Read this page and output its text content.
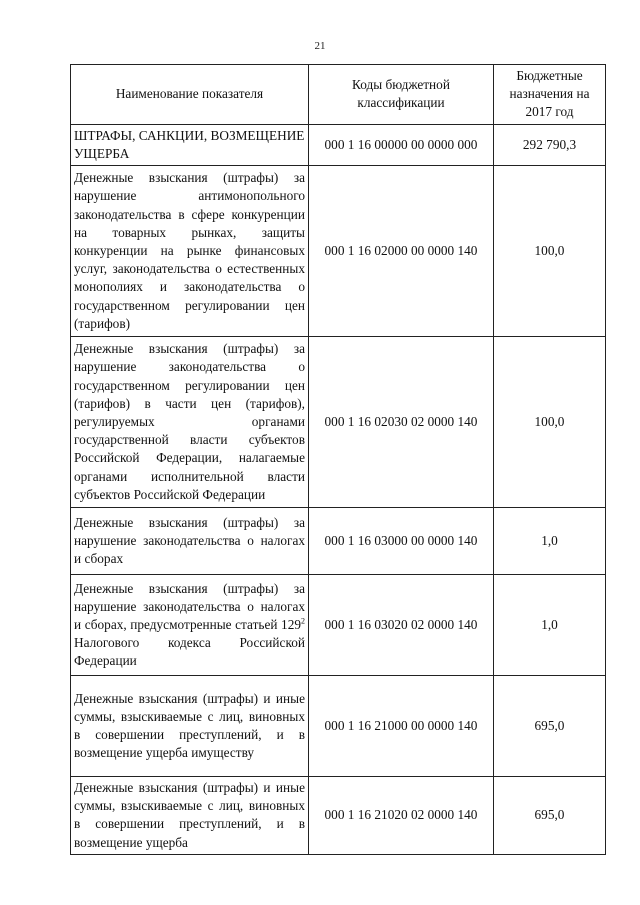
21
Наименование показателя	Коды бюджетной классификации	Бюджетные назначения на 2017 год
ШТРАФЫ, САНКЦИИ, ВОЗМЕЩЕНИЕ УЩЕРБА	000 1 16 00000 00 0000 000	292 790,3
Денежные взыскания (штрафы) за нарушение антимонопольного законодательства в сфере конкуренции на товарных рынках, защиты конкуренции на рынке финансовых услуг, законодательства о естественных монополиях и законодательства о государственном регулировании цен (тарифов)	000 1 16 02000 00 0000 140	100,0
Денежные взыскания (штрафы) за нарушение законодательства о государственном регулировании цен (тарифов) в части цен (тарифов), регулируемых органами государственной власти субъектов Российской Федерации, налагаемые органами исполнительной власти субъектов Российской Федерации	000 1 16 02030 02 0000 140	100,0
Денежные взыскания (штрафы) за нарушение законодательства о налогах и сборах	000 1 16 03000 00 0000 140	1,0
Денежные взыскания (штрафы) за нарушение законодательства о налогах и сборах, предусмотренные статьей $129^2$ Налогового кодекса Российской Федерации	000 1 16 03020 02 0000 140	1,0
Денежные взыскания (штрафы) и иные суммы, взыскиваемые с лиц, виновных в совершении преступлений, и в возмещение ущерба имуществу	000 1 16 21000 00 0000 140	695,0
Денежные взыскания (штрафы) и иные суммы, взыскиваемые с лиц, виновных в совершении преступлений, и в возмещение ущерба	000 1 16 21020 02 0000 140	695,0
